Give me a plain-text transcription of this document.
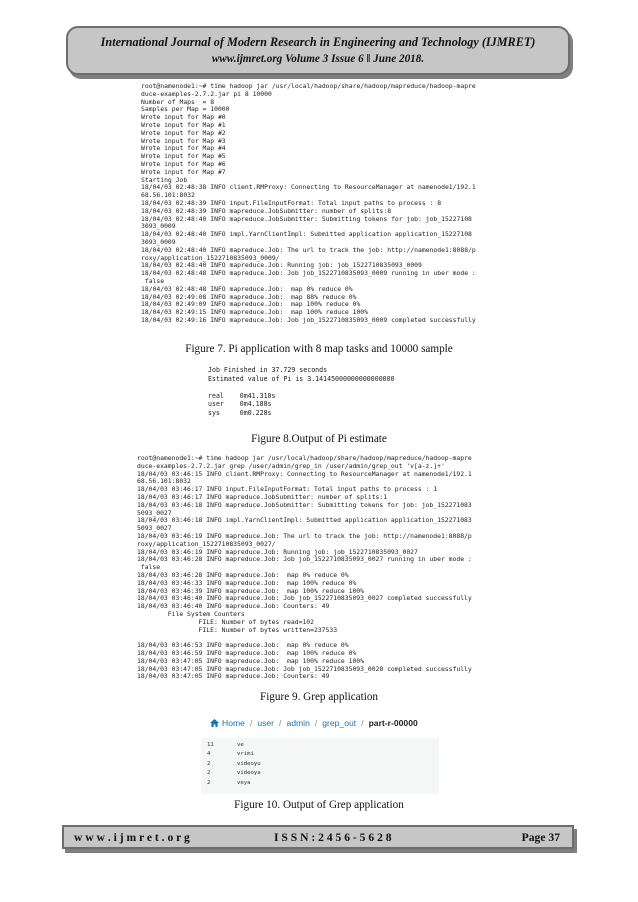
International Journal of Modern Research in Engineering and Technology (IJMRET)
www.ijmret.org Volume 3 Issue 6 ǁ June 2018.
root@namenode1:~# time hadoop jar /usr/local/hadoop/share/hadoop/mapreduce/hadoop-mapre
duce-examples-2.7.2.jar pi 8 10000
Number of Maps  = 8
Samples per Map = 10000
Wrote input for Map #0
Wrote input for Map #1
Wrote input for Map #2
Wrote input for Map #3
Wrote input for Map #4
Wrote input for Map #5
Wrote input for Map #6
Wrote input for Map #7
Starting Job
18/04/03 02:48:38 INFO client.RMProxy: Connecting to ResourceManager at namenode1/192.1
68.56.101:8032
18/04/03 02:48:39 INFO input.FileInputFormat: Total input paths to process : 8
18/04/03 02:48:39 INFO mapreduce.JobSubmitter: number of splits:8
18/04/03 02:48:40 INFO mapreduce.JobSubmitter: Submitting tokens for job: job_15227108
3093_0009
18/04/03 02:48:40 INFO impl.YarnClientImpl: Submitted application application_15227108
3093_0009
18/04/03 02:48:40 INFO mapreduce.Job: The url to track the job: http://namenode1:8088/p
roxy/application_1522710835093_0009/
18/04/03 02:48:40 INFO mapreduce.Job: Running job: job_1522710835093_0009
18/04/03 02:48:48 INFO mapreduce.Job: Job job_1522710835093_0009 running in uber mode :
false
18/04/03 02:48:48 INFO mapreduce.Job:  map 0% reduce 0%
18/04/03 02:49:08 INFO mapreduce.Job:  map 88% reduce 0%
18/04/03 02:49:09 INFO mapreduce.Job:  map 100% reduce 0%
18/04/03 02:49:15 INFO mapreduce.Job:  map 100% reduce 100%
18/04/03 02:49:16 INFO mapreduce.Job: Job job_1522710835093_0009 completed successfully
Figure 7. Pi application with 8 map tasks and 10000 sample
Job Finished in 37.729 seconds
Estimated value of Pi is 3.14145000000000000000
real    0m41.310s
user    0m4.188s
sys     0m0.228s
Figure 8.Output of Pi estimate
root@namenode1:~# time hadoop jar /usr/local/hadoop/share/hadoop/mapreduce/hadoop-mapre
duce-examples-2.7.2.jar grep /user/admin/grep_in /user/admin/grep_out 'v[a-z.]+'
18/04/03 03:46:15 INFO client.RMProxy: Connecting to ResourceManager at namenode1/192.1
68.56.101:8032
18/04/03 03:46:17 INFO input.FileInputFormat: Total input paths to process : 1
18/04/03 03:46:17 INFO mapreduce.JobSubmitter: number of splits:1
18/04/03 03:46:18 INFO mapreduce.JobSubmitter: Submitting tokens for job: job_152271083
5093_0027
18/04/03 03:46:18 INFO impl.YarnClientImpl: Submitted application application_152271083
5093_0027
18/04/03 03:46:19 INFO mapreduce.Job: The url to track the job: http://namenode1:8088/p
roxy/application_1522710835093_0027/
18/04/03 03:46:19 INFO mapreduce.Job: Running job: job_1522710835093_0027
18/04/03 03:46:28 INFO mapreduce.Job: Job job_1522710835093_0027 running in uber mode :
false
18/04/03 03:46:28 INFO mapreduce.Job:  map 0% reduce 0%
18/04/03 03:46:33 INFO mapreduce.Job:  map 100% reduce 0%
18/04/03 03:46:39 INFO mapreduce.Job:  map 100% reduce 100%
18/04/03 03:46:40 INFO mapreduce.Job: Job job_1522710835093_0027 completed successfully
18/04/03 03:46:40 INFO mapreduce.Job: Counters: 49
File System Counters
FILE: Number of bytes read=102
FILE: Number of bytes written=237533
18/04/03 03:46:53 INFO mapreduce.Job:  map 0% reduce 0%
18/04/03 03:46:59 INFO mapreduce.Job:  map 100% reduce 0%
18/04/03 03:47:05 INFO mapreduce.Job:  map 100% reduce 100%
18/04/03 03:47:05 INFO mapreduce.Job: Job job_1522710835093_0028 completed successfully
18/04/03 03:47:05 INFO mapreduce.Job: Counters: 49
Figure 9. Grep application
Home / user / admin / grep_out / part-r-00000
11	ve
4	vrimi
2	videoyu
2	videoya
2	veya
Figure 10. Output of Grep application
w w w . i j m r e t . o r g	I S S N : 2 4 5 6 - 5 6 2 8	Page 37
